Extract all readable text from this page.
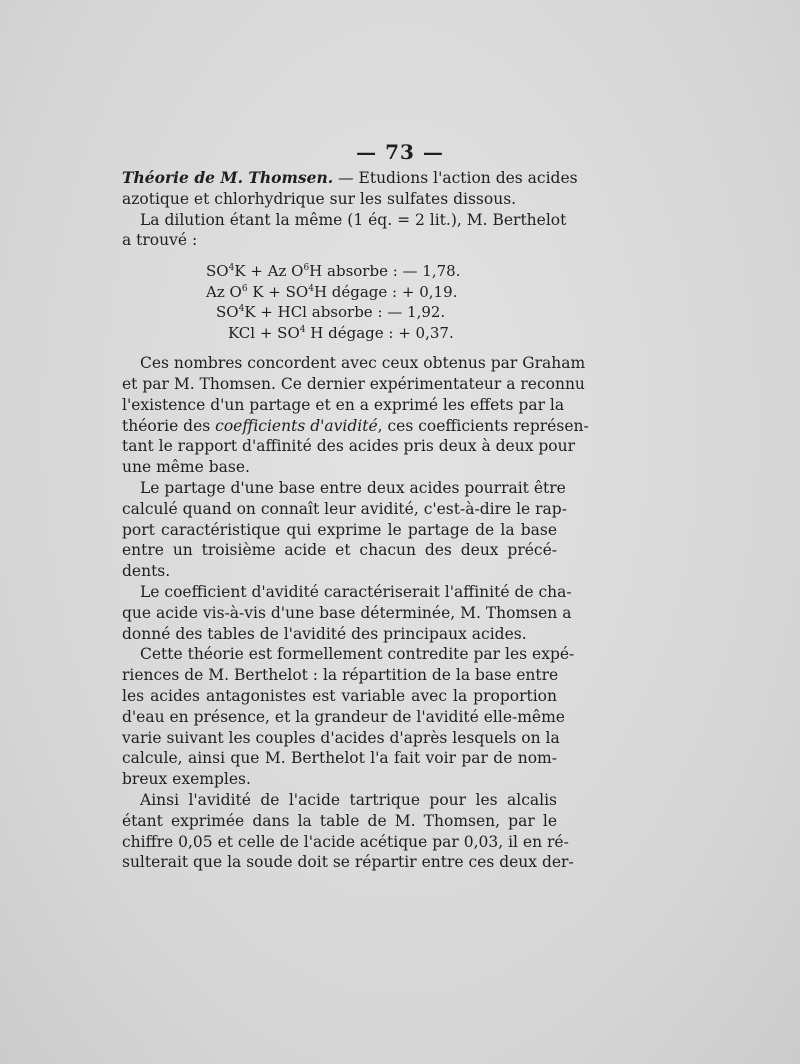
— 73 —
Théorie de M. Thomsen. — Etudions l'action des acides
azotique et chlorhydrique sur les sulfates dissous.
La dilution étant la même (1 éq. = 2 lit.), M. Berthelot
a trouvé :
$SO^4K + Az$ $O^6H$ absorbe : — 1,78.
Az $O^6$ $K + SO^4H$ dégage : + 0,19.
$SO^4K$ + HCl absorbe : — 1,92.
KCl + $SO^4$ H dégage : + 0,37.
Ces nombres concordent avec ceux obtenus par Graham
et par M. Thomsen. Ce dernier expérimentateur a reconnu
l'existence d'un partage et en a exprimé les effets par la
théorie des coefficients d'avidité, ces coefficients représen-
tant le rapport d'affinité des acides pris deux à deux pour
une même base.
Le partage d'une base entre deux acides pourrait être
calculé quand on connaît leur avidité, c'est-à-dire le rap-
port caractéristique qui exprime le partage de la base
entre un troisième acide et chacun des deux précé-
dents.
Le coefficient d'avidité caractériserait l'affinité de cha-
que acide vis-à-vis d'une base déterminée, M. Thomsen a
donné des tables de l'avidité des principaux acides.
Cette théorie est formellement contredite par les expé-
riences de M. Berthelot : la répartition de la base entre
les acides antagonistes est variable avec la proportion
d'eau en présence, et la grandeur de l'avidité elle-même
varie suivant les couples d'acides d'après lesquels on la
calcule, ainsi que M. Berthelot l'a fait voir par de nom-
breux exemples.
Ainsi l'avidité de l'acide tartrique pour les alcalis
étant exprimée dans la table de M. Thomsen, par le
chiffre 0,05 et celle de l'acide acétique par 0,03, il en ré-
sulterait que la soude doit se répartir entre ces deux der-
